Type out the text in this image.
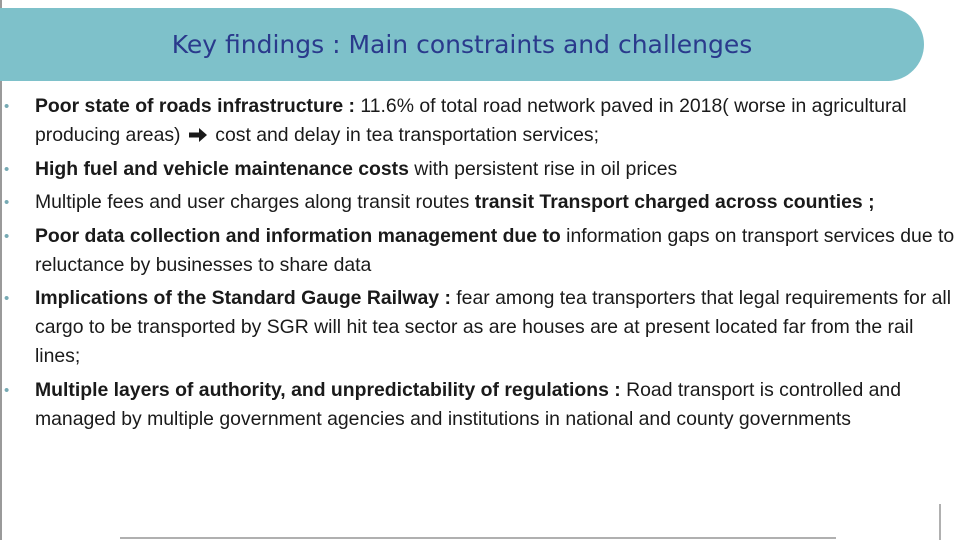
Key findings : Main constraints and challenges
• Poor state of roads infrastructure : 11.6% of total road network paved in 2018( worse in agricultural producing areas)  cost and delay in tea transportation services;
• High fuel and vehicle maintenance costs with persistent rise in oil prices
• Multiple fees and user charges along transit routes transit Transport charged across counties ;
• Poor data collection and information management due to information gaps on transport services due to reluctance by businesses to share data
• Implications of the Standard Gauge Railway : fear among tea transporters that legal requirements for all cargo to be transported by SGR will hit tea sector as are houses are at present located far from the rail lines;
• Multiple layers of authority, and unpredictability of regulations : Road transport is controlled and managed by multiple government agencies and institutions in national and county governments
